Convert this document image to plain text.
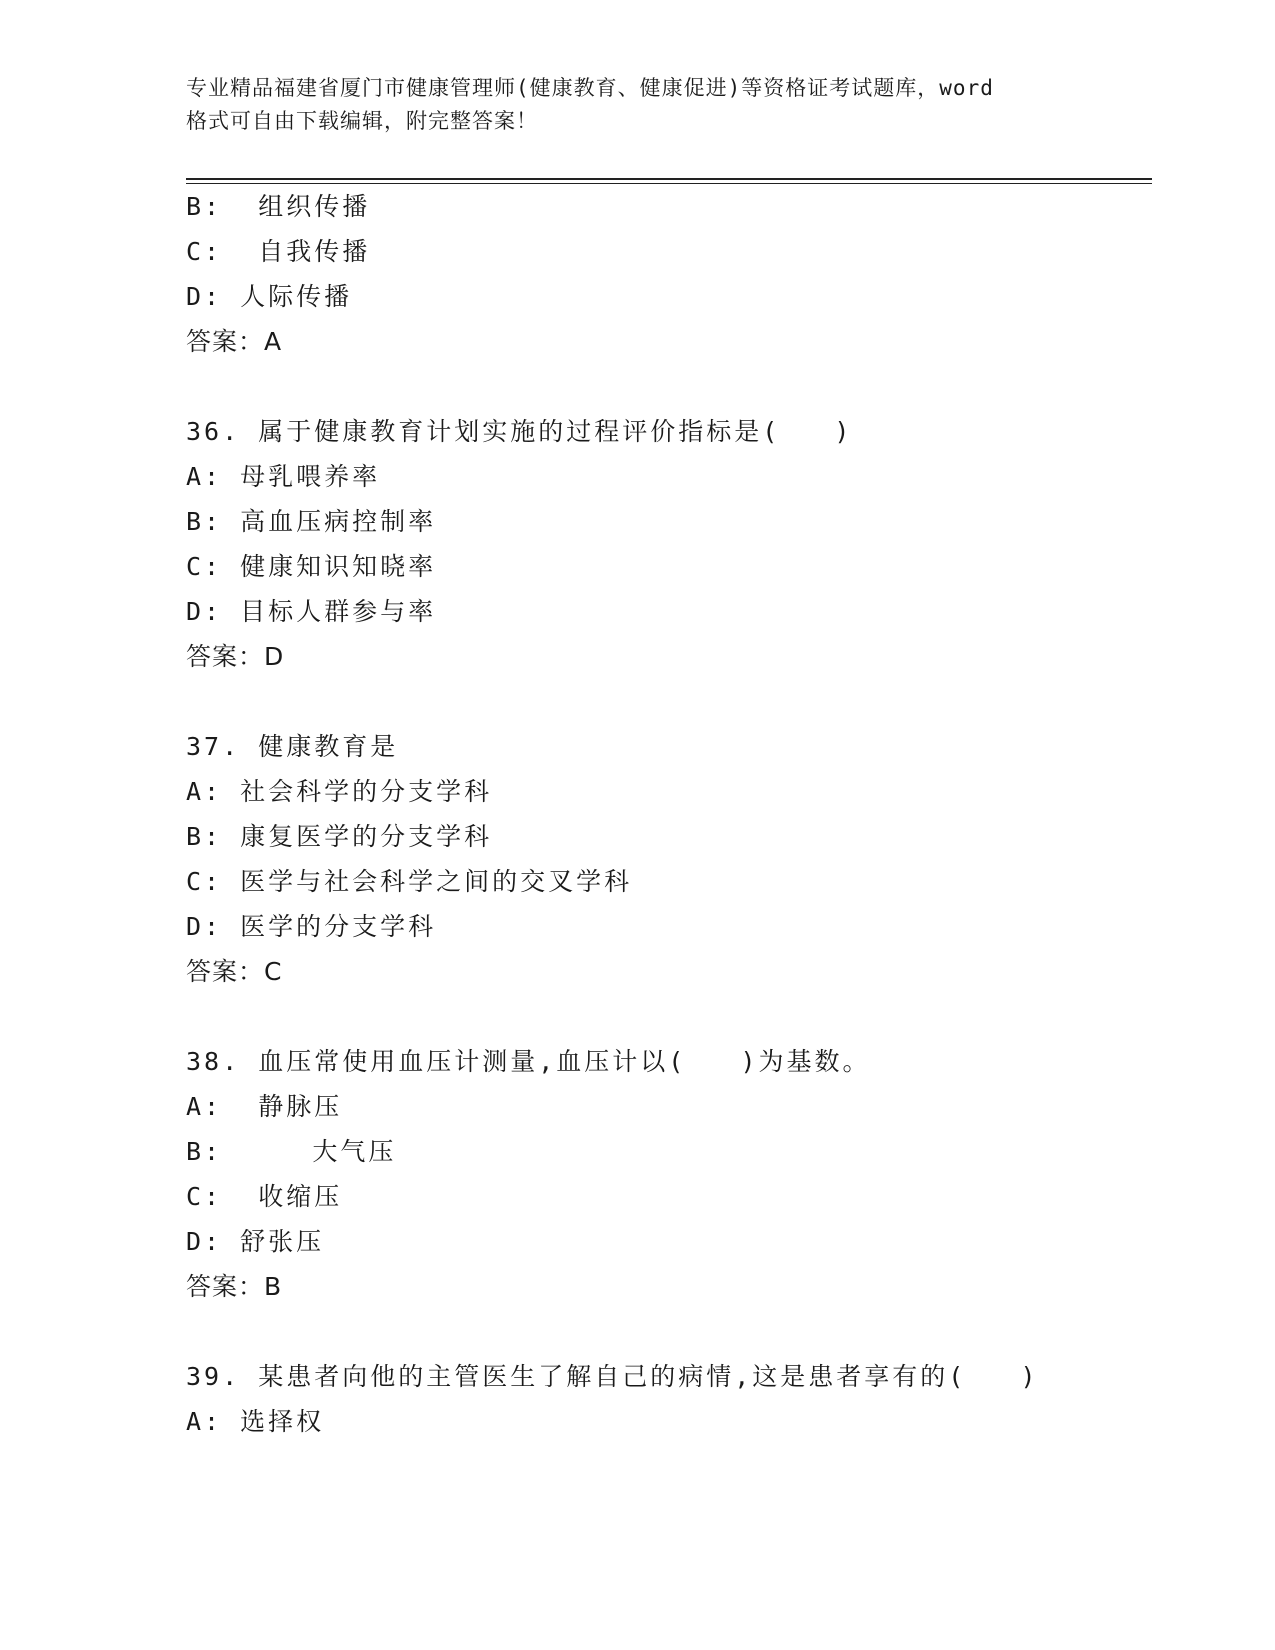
专业精品福建省厦门市健康管理师(健康教育、健康促进)等资格证考试题库，word
格式可自由下载编辑，附完整答案！
B:  组织传播
C:  自我传播
D: 人际传播
答案：A
36. 属于健康教育计划实施的过程评价指标是(   )
A: 母乳喂养率
B: 高血压病控制率
C: 健康知识知晓率
D: 目标人群参与率
答案：D
37. 健康教育是
A: 社会科学的分支学科
B: 康复医学的分支学科
C: 医学与社会科学之间的交叉学科
D: 医学的分支学科
答案：C
38. 血压常使用血压计测量,血压计以(   )为基数。
A:  静脉压
B:     大气压
C:  收缩压
D: 舒张压
答案：B
39. 某患者向他的主管医生了解自己的病情,这是患者享有的(   )
A: 选择权
